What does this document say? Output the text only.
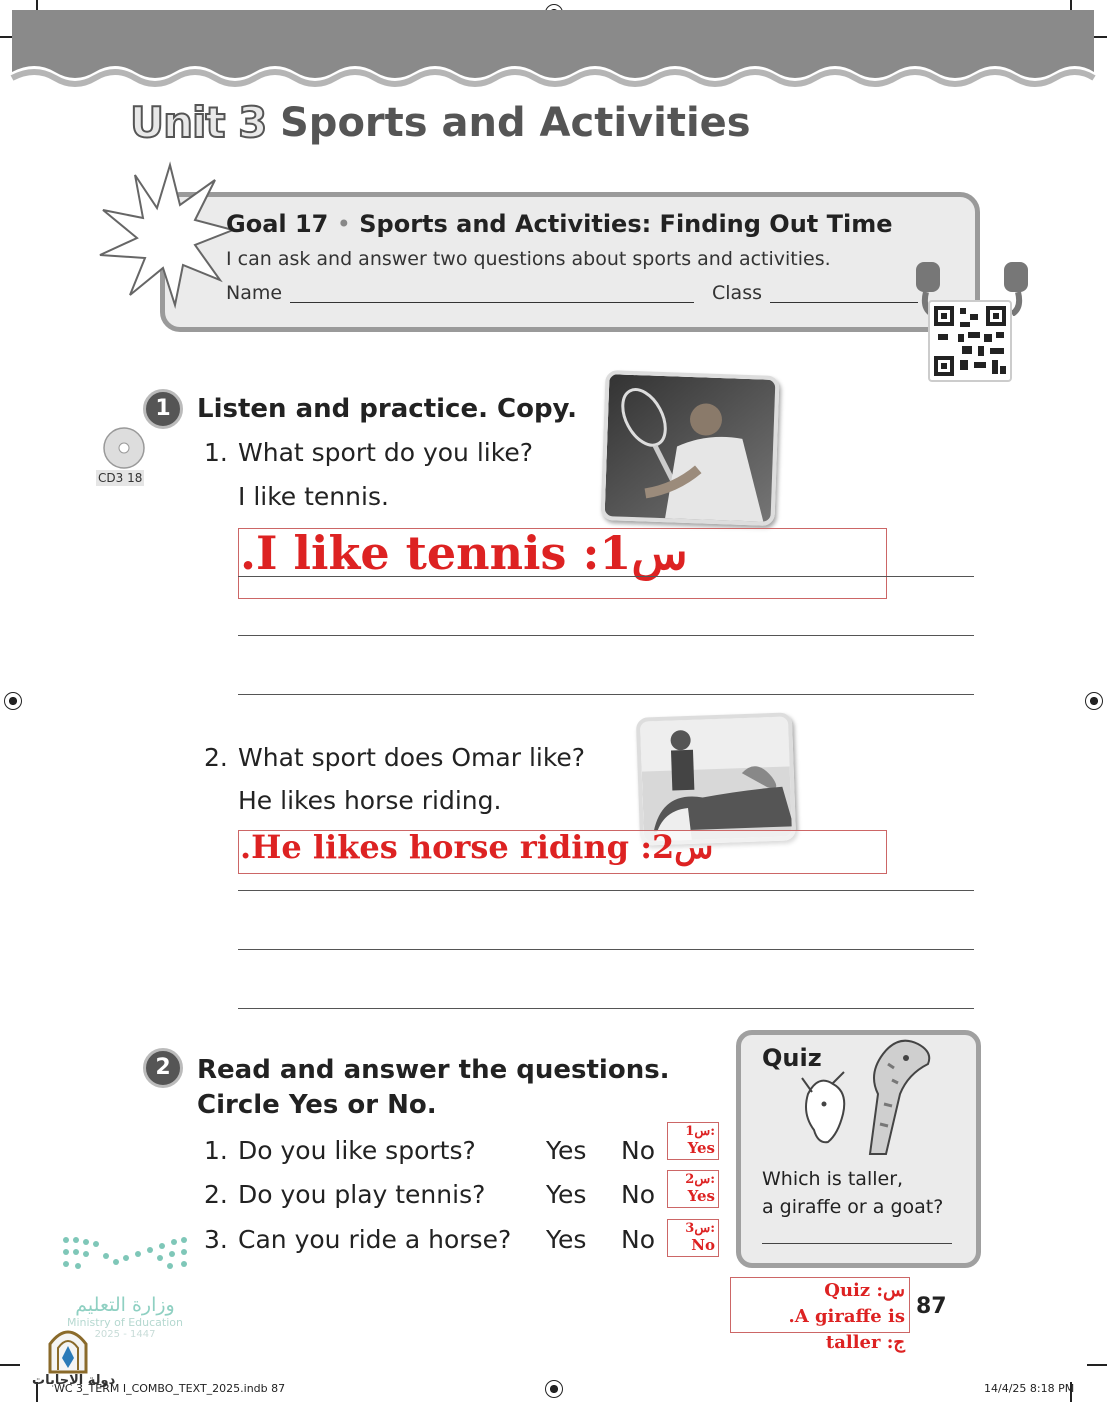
Unit 3 Sports and Activities
Goal 17 • Sports and Activities: Finding Out Time
I can ask and answer two questions about sports and activities.
Name	Class
1	Listen and practice. Copy.
CD3 18
1. What sport do you like?
I like tennis.
.I like tennis :1س
2. What sport does Omar like?
He likes horse riding.
.He likes horse riding :2س
2	Read and answer the questions.
Circle Yes or No.
1. Do you like sports?	Yes No
2. Do you play tennis? Yes No
3. Can you ride a horse? Yes No
س1:
Yes
س2:
Yes
س3:
No
Quiz
Which is taller,
a giraffe or a goat?
Quiz :س
.A giraffe is taller :ج
87
وزارة التعليم
Ministry of Education
2025 - 1447
دولة الاجابات
WC 3_TERM I_COMBO_TEXT_2025.indb 87	14/4/25 8:18 PM
